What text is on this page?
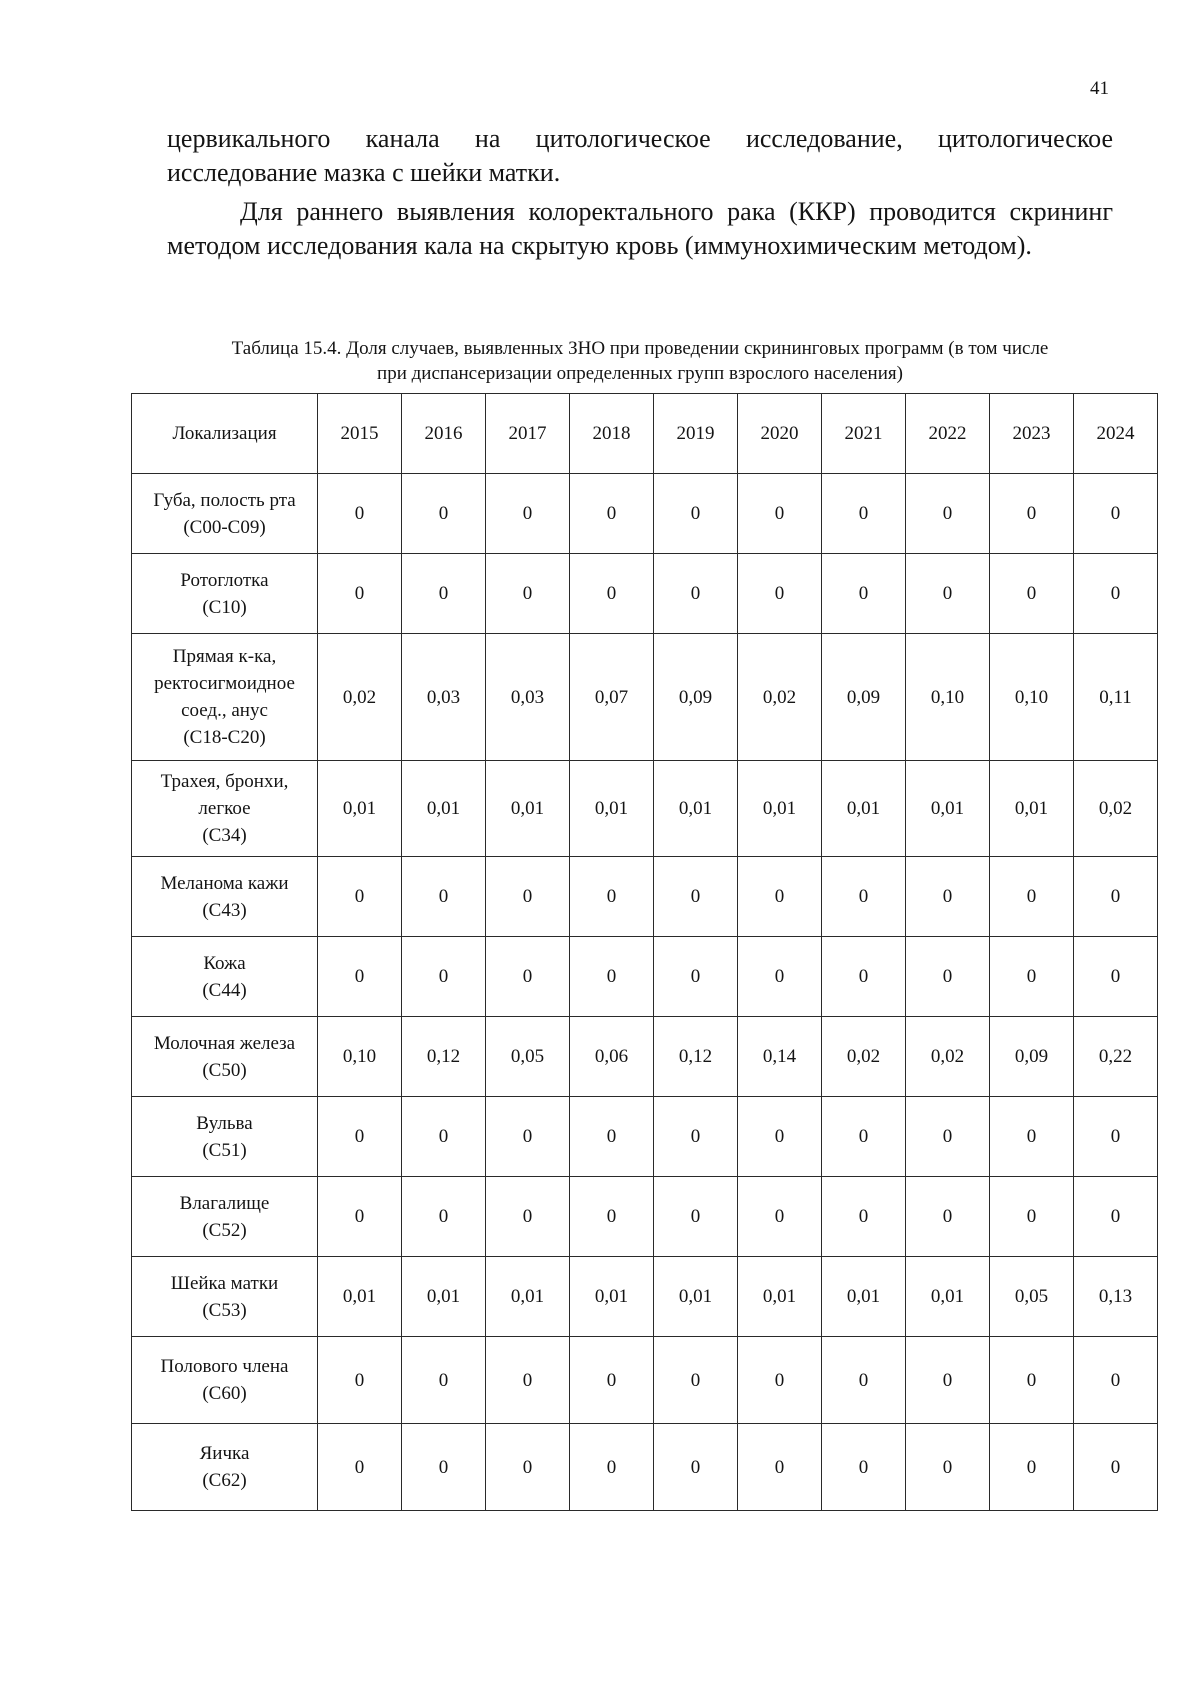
41

цервикального канала на цитологическое исследование, цитологическое исследование мазка с шейки матки.

Для раннего выявления колоректального рака (ККР) проводится скрининг методом исследования кала на скрытую кровь (иммунохимическим методом).

Таблица 15.4. Доля случаев, выявленных ЗНО при проведении скрининговых программ (в том числе
при диспансеризации определенных групп взрослого населения)

Локализация	2015	2016	2017	2018	2019	2020	2021	2022	2023	2024

Губа, полость рта
(С00-С09)	0	0	0	0	0	0	0	0	0	0

Ротоглотка
(С10)	0	0	0	0	0	0	0	0	0	0

Прямая к-ка,
ректосигмоидное
соед., анус
(С18-С20)	0,02	0,03	0,03	0,07	0,09	0,02	0,09	0,10	0,10	0,11

Трахея, бронхи,
легкое
(С34)	0,01	0,01	0,01	0,01	0,01	0,01	0,01	0,01	0,01	0,02

Меланома кажи
(С43)	0	0	0	0	0	0	0	0	0	0

Кожа
(С44)	0	0	0	0	0	0	0	0	0	0

Молочная железа
(С50)	0,10	0,12	0,05	0,06	0,12	0,14	0,02	0,02	0,09	0,22

Вульва
(С51)	0	0	0	0	0	0	0	0	0	0

Влагалище
(С52)	0	0	0	0	0	0	0	0	0	0

Шейка матки
(С53)	0,01	0,01	0,01	0,01	0,01	0,01	0,01	0,01	0,05	0,13

Полового члена
(С60)	0	0	0	0	0	0	0	0	0	0

Яичка
(С62)	0	0	0	0	0	0	0	0	0	0
